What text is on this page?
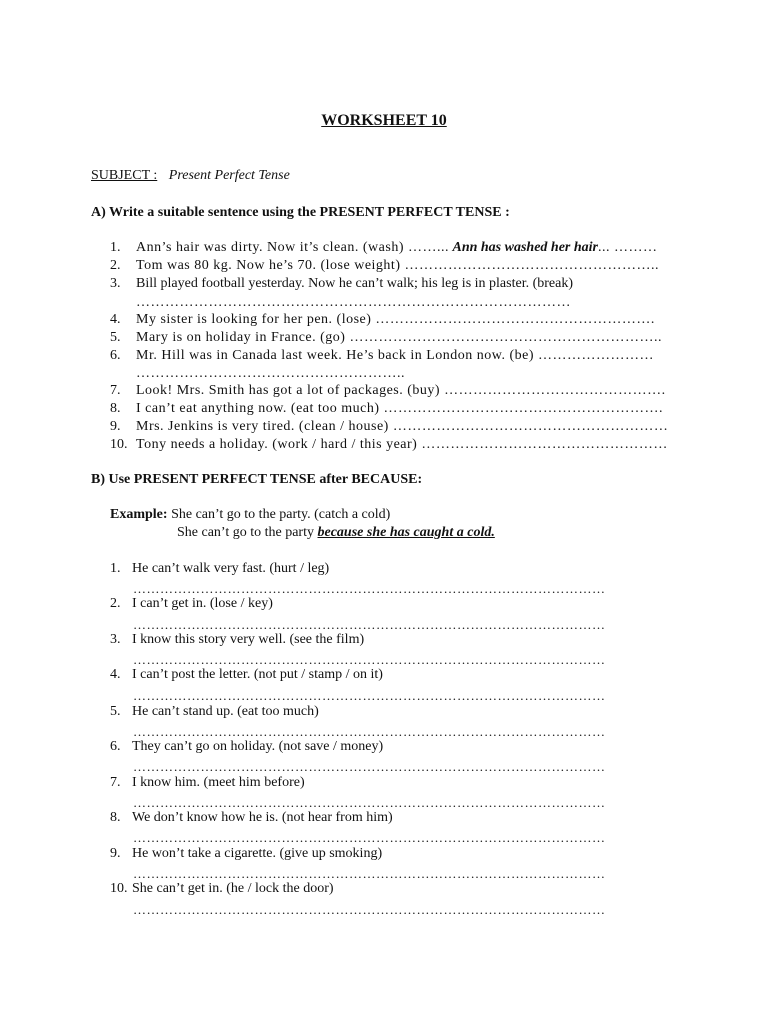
WORKSHEET 10
SUBJECT : Present Perfect Tense
A) Write a suitable sentence using the PRESENT PERFECT TENSE :
1. Ann’s hair was dirty. Now it’s clean. (wash) ……... Ann has washed her hair... ………
2. Tom was 80 kg. Now he’s 70. (lose weight) ……………………………………………..
3. Bill played football yesterday. Now he can’t walk; his leg is in plaster. (break)
………………………………………………………………………………
4. My sister is looking for her pen. (lose) ………………………………………………….
5. Mary is on holiday in France. (go) ………………………………………………………..
6. Mr. Hill was in Canada last week. He’s back in London now. (be) ……………………
………………………………………………..
7. Look! Mrs. Smith has got a lot of packages. (buy) ……………………………………….
8. I can’t eat anything now. (eat too much) ………………………………………………….
9. Mrs. Jenkins is very tired. (clean / house) …………………………………………………
10. Tony needs a holiday. (work / hard / this year) ……………………………………………
B) Use PRESENT PERFECT TENSE after BECAUSE:
Example: She can’t go to the party. (catch a cold)
She can’t go to the party because she has caught a cold.
1. He can’t walk very fast. (hurt / leg)
……………………………………………………………………………………………
2. I can’t get in. (lose / key)
……………………………………………………………………………………………
3. I know this story very well. (see the film)
……………………………………………………………………………………………
4. I can’t post the letter. (not put / stamp / on it)
……………………………………………………………………………………………
5. He can’t stand up. (eat too much)
……………………………………………………………………………………………
6. They can’t go on holiday. (not save / money)
……………………………………………………………………………………………
7. I know him. (meet him before)
……………………………………………………………………………………………
8. We don’t know how he is. (not hear from him)
……………………………………………………………………………………………
9. He won’t take a cigarette. (give up smoking)
……………………………………………………………………………………………
10. She can’t get in. (he / lock the door)
……………………………………………………………………………………………
